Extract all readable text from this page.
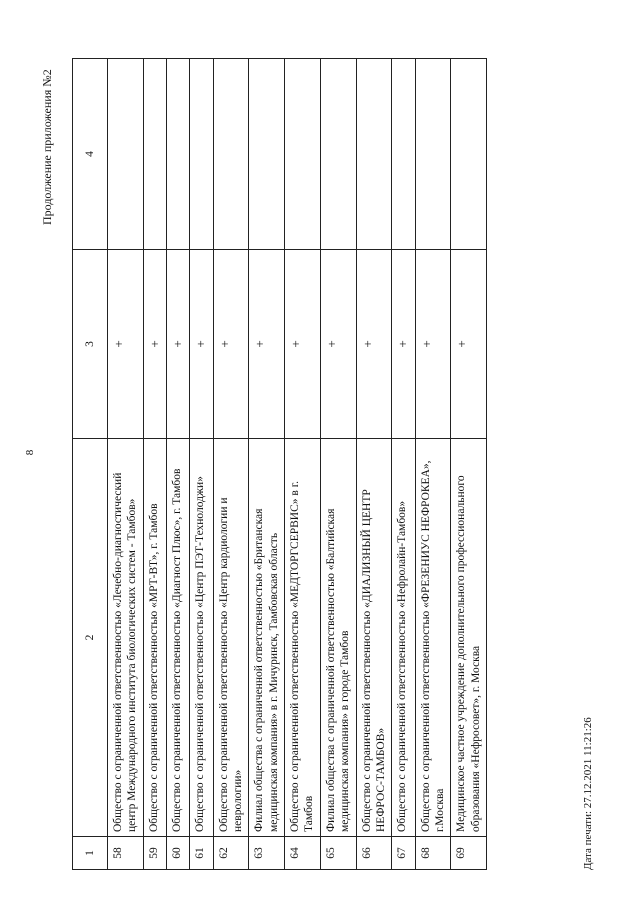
8
Продолжение приложения №2
1	2	3	4
58	Общество с ограниченной ответственностью «Лечебно-диагностический центр Международного института биологических систем - Тамбов»	+	
59	Общество с ограниченной ответственностью «МРТ-ВТ», г. Тамбов	+	
60	Общество с ограниченной ответственностью «Диагност Плюс», г. Тамбов	+	
61	Общество с ограниченной ответственностью «Центр ПЭТ-Технолоджи»	+	
62	Общество с ограниченной ответственностью «Центр кардиологии и неврологии»	+	
63	Филиал общества с ограниченной ответственностью «Британская медицинская компания» в г. Мичуринск, Тамбовская область	+	
64	Общество с ограниченной ответственностью «МЕДТОРГСЕРВИС» в г. Тамбов	+	
65	Филиал общества с ограниченной ответственностью «Балтийская медицинская компания» в городе Тамбов	+	
66	Общество с ограниченной ответственностью «ДИАЛИЗНЫЙ ЦЕНТР НЕФРОС-ТАМБОВ»	+	
67	Общество с ограниченной ответственностью «Нефролайн-Тамбов»	+	
68	Общество с ограниченной ответственностью «ФРЕЗЕНИУС НЕФРОКЕА», г.Москва	+	
69	Медицинское частное учреждение дополнительного профессионального образования «Нефросовет», г. Москва	+	
Дата печати: 27.12.2021 11:21:26
